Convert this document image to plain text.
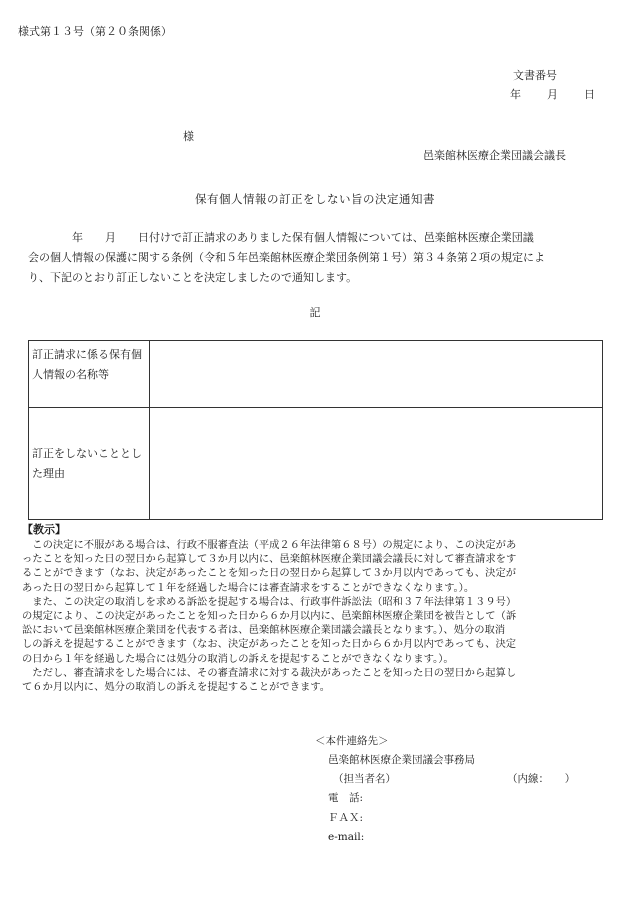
様式第１３号（第２０条関係）
文書番号
年 月 日
様
邑楽館林医療企業団議会議長
保有個人情報の訂正をしない旨の決定通知書
　　　　年　　月　　日付けで訂正請求のありました保有個人情報については、邑楽館林医療企業団議
会の個人情報の保護に関する条例（令和５年邑楽館林医療企業団条例第１号）第３４条第２項の規定によ
り、下記のとおり訂正しないことを決定しましたので通知します。
記
訂正請求に係る保有個人情報の名称等	
訂正をしないこととした理由	
【教示】
　この決定に不服がある場合は、行政不服審査法（平成２６年法律第６８号）の規定により、この決定があ
ったことを知った日の翌日から起算して３か月以内に、邑楽館林医療企業団議会議長に対して審査請求をす
ることができます（なお、決定があったことを知った日の翌日から起算して３か月以内であっても、決定が
あった日の翌日から起算して１年を経過した場合には審査請求をすることができなくなります。）。
　また、この決定の取消しを求める訴訟を提起する場合は、行政事件訴訟法（昭和３７年法律第１３９号）
の規定により、この決定があったことを知った日から６か月以内に、邑楽館林医療企業団を被告として（訴
訟において邑楽館林医療企業団を代表する者は、邑楽館林医療企業団議会議長となります。）、処分の取消
しの訴えを提起することができます（なお、決定があったことを知った日から６か月以内であっても、決定
の日から１年を経過した場合には処分の取消しの訴えを提起することができなくなります。）。
　ただし、審査請求をした場合には、その審査請求に対する裁決があったことを知った日の翌日から起算し
て６か月以内に、処分の取消しの訴えを提起することができます。
＜本件連絡先＞
邑楽館林医療企業団議会事務局
（担当者名）	（内線：　　）
電　話:
ＦＡＸ:
e-mail:
